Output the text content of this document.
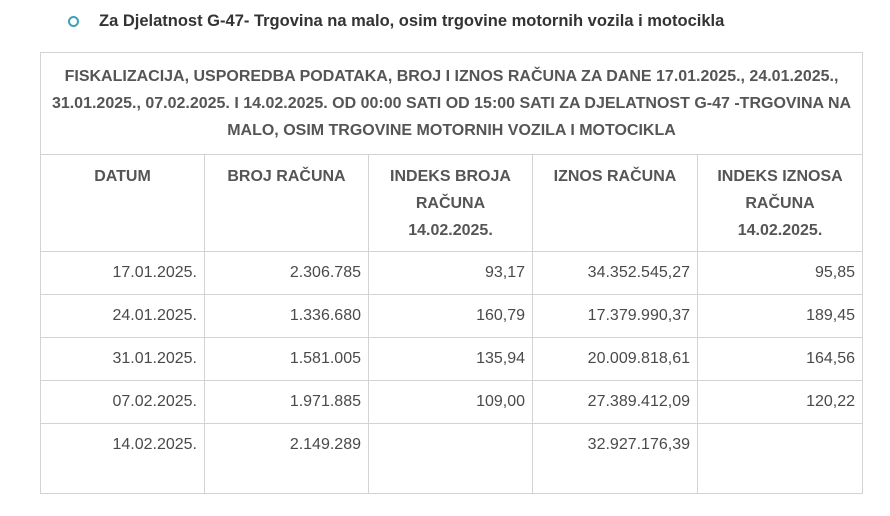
Za Djelatnost G-47- Trgovina na malo, osim trgovine motornih vozila i motocikla
FISKALIZACIJA, USPOREDBA PODATAKA, BROJ I IZNOS RAČUNA ZA DANE 17.01.2025., 24.01.2025., 31.01.2025., 07.02.2025. I 14.02.2025. OD 00:00 SATI OD 15:00 SATI ZA DJELATNOST G-47 -TRGOVINA NA MALO, OSIM TRGOVINE MOTORNIH VOZILA I MOTOCIKLA				
DATUM	BROJ RAČUNA	INDEKS BROJA RAČUNA 14.02.2025.	IZNOS RAČUNA	INDEKS IZNOSA RAČUNA 14.02.2025.
17.01.2025.	2.306.785	93,17	34.352.545,27	95,85
24.01.2025.	1.336.680	160,79	17.379.990,37	189,45
31.01.2025.	1.581.005	135,94	20.009.818,61	164,56
07.02.2025.	1.971.885	109,00	27.389.412,09	120,22
14.02.2025.	2.149.289		32.927.176,39	
